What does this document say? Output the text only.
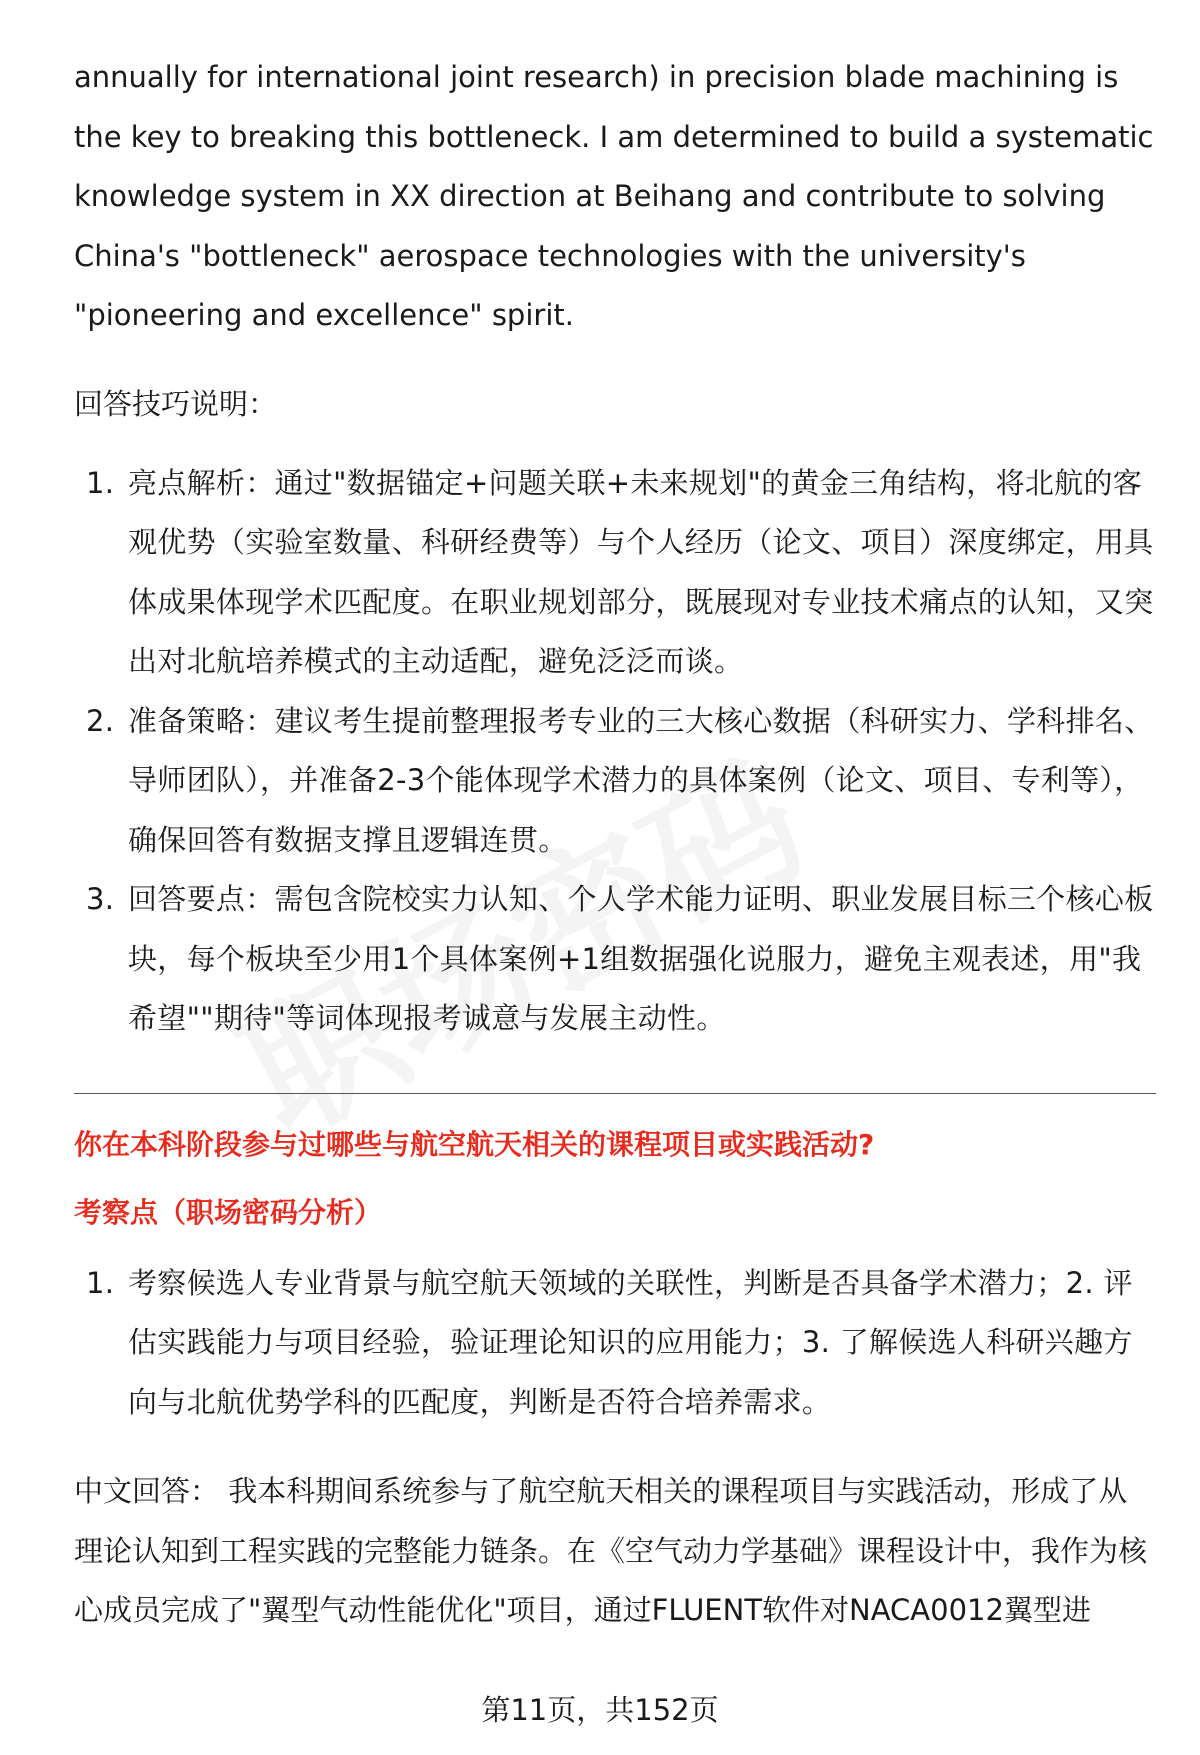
annually for international joint research) in precision blade machining is the key to breaking this bottleneck. I am determined to build a systematic knowledge system in XX direction at Beihang and contribute to solving China's "bottleneck" aerospace technologies with the university's "pioneering and excellence" spirit.

回答技巧说明：

1. 亮点解析：通过"数据锚定+问题关联+未来规划"的黄金三角结构，将北航的客观优势（实验室数量、科研经费等）与个人经历（论文、项目）深度绑定，用具体成果体现学术匹配度。在职业规划部分，既展现对专业技术痛点的认知，又突出对北航培养模式的主动适配，避免泛泛而谈。
2. 准备策略：建议考生提前整理报考专业的三大核心数据（科研实力、学科排名、导师团队），并准备2-3个能体现学术潜力的具体案例（论文、项目、专利等），确保回答有数据支撑且逻辑连贯。
3. 回答要点：需包含院校实力认知、个人学术能力证明、职业发展目标三个核心板块，每个板块至少用1个具体案例+1组数据强化说服力，避免主观表述，用"我希望""期待"等词体现报考诚意与发展主动性。

你在本科阶段参与过哪些与航空航天相关的课程项目或实践活动?

考察点（职场密码分析）

1. 考察候选人专业背景与航空航天领域的关联性，判断是否具备学术潜力；2. 评估实践能力与项目经验，验证理论知识的应用能力；3. 了解候选人科研兴趣方向与北航优势学科的匹配度，判断是否符合培养需求。

中文回答： 我本科期间系统参与了航空航天相关的课程项目与实践活动，形成了从理论认知到工程实践的完整能力链条。在《空气动力学基础》课程设计中，我作为核心成员完成了"翼型气动性能优化"项目，通过FLUENT软件对NACA0012翼型进

第11页，共152页
